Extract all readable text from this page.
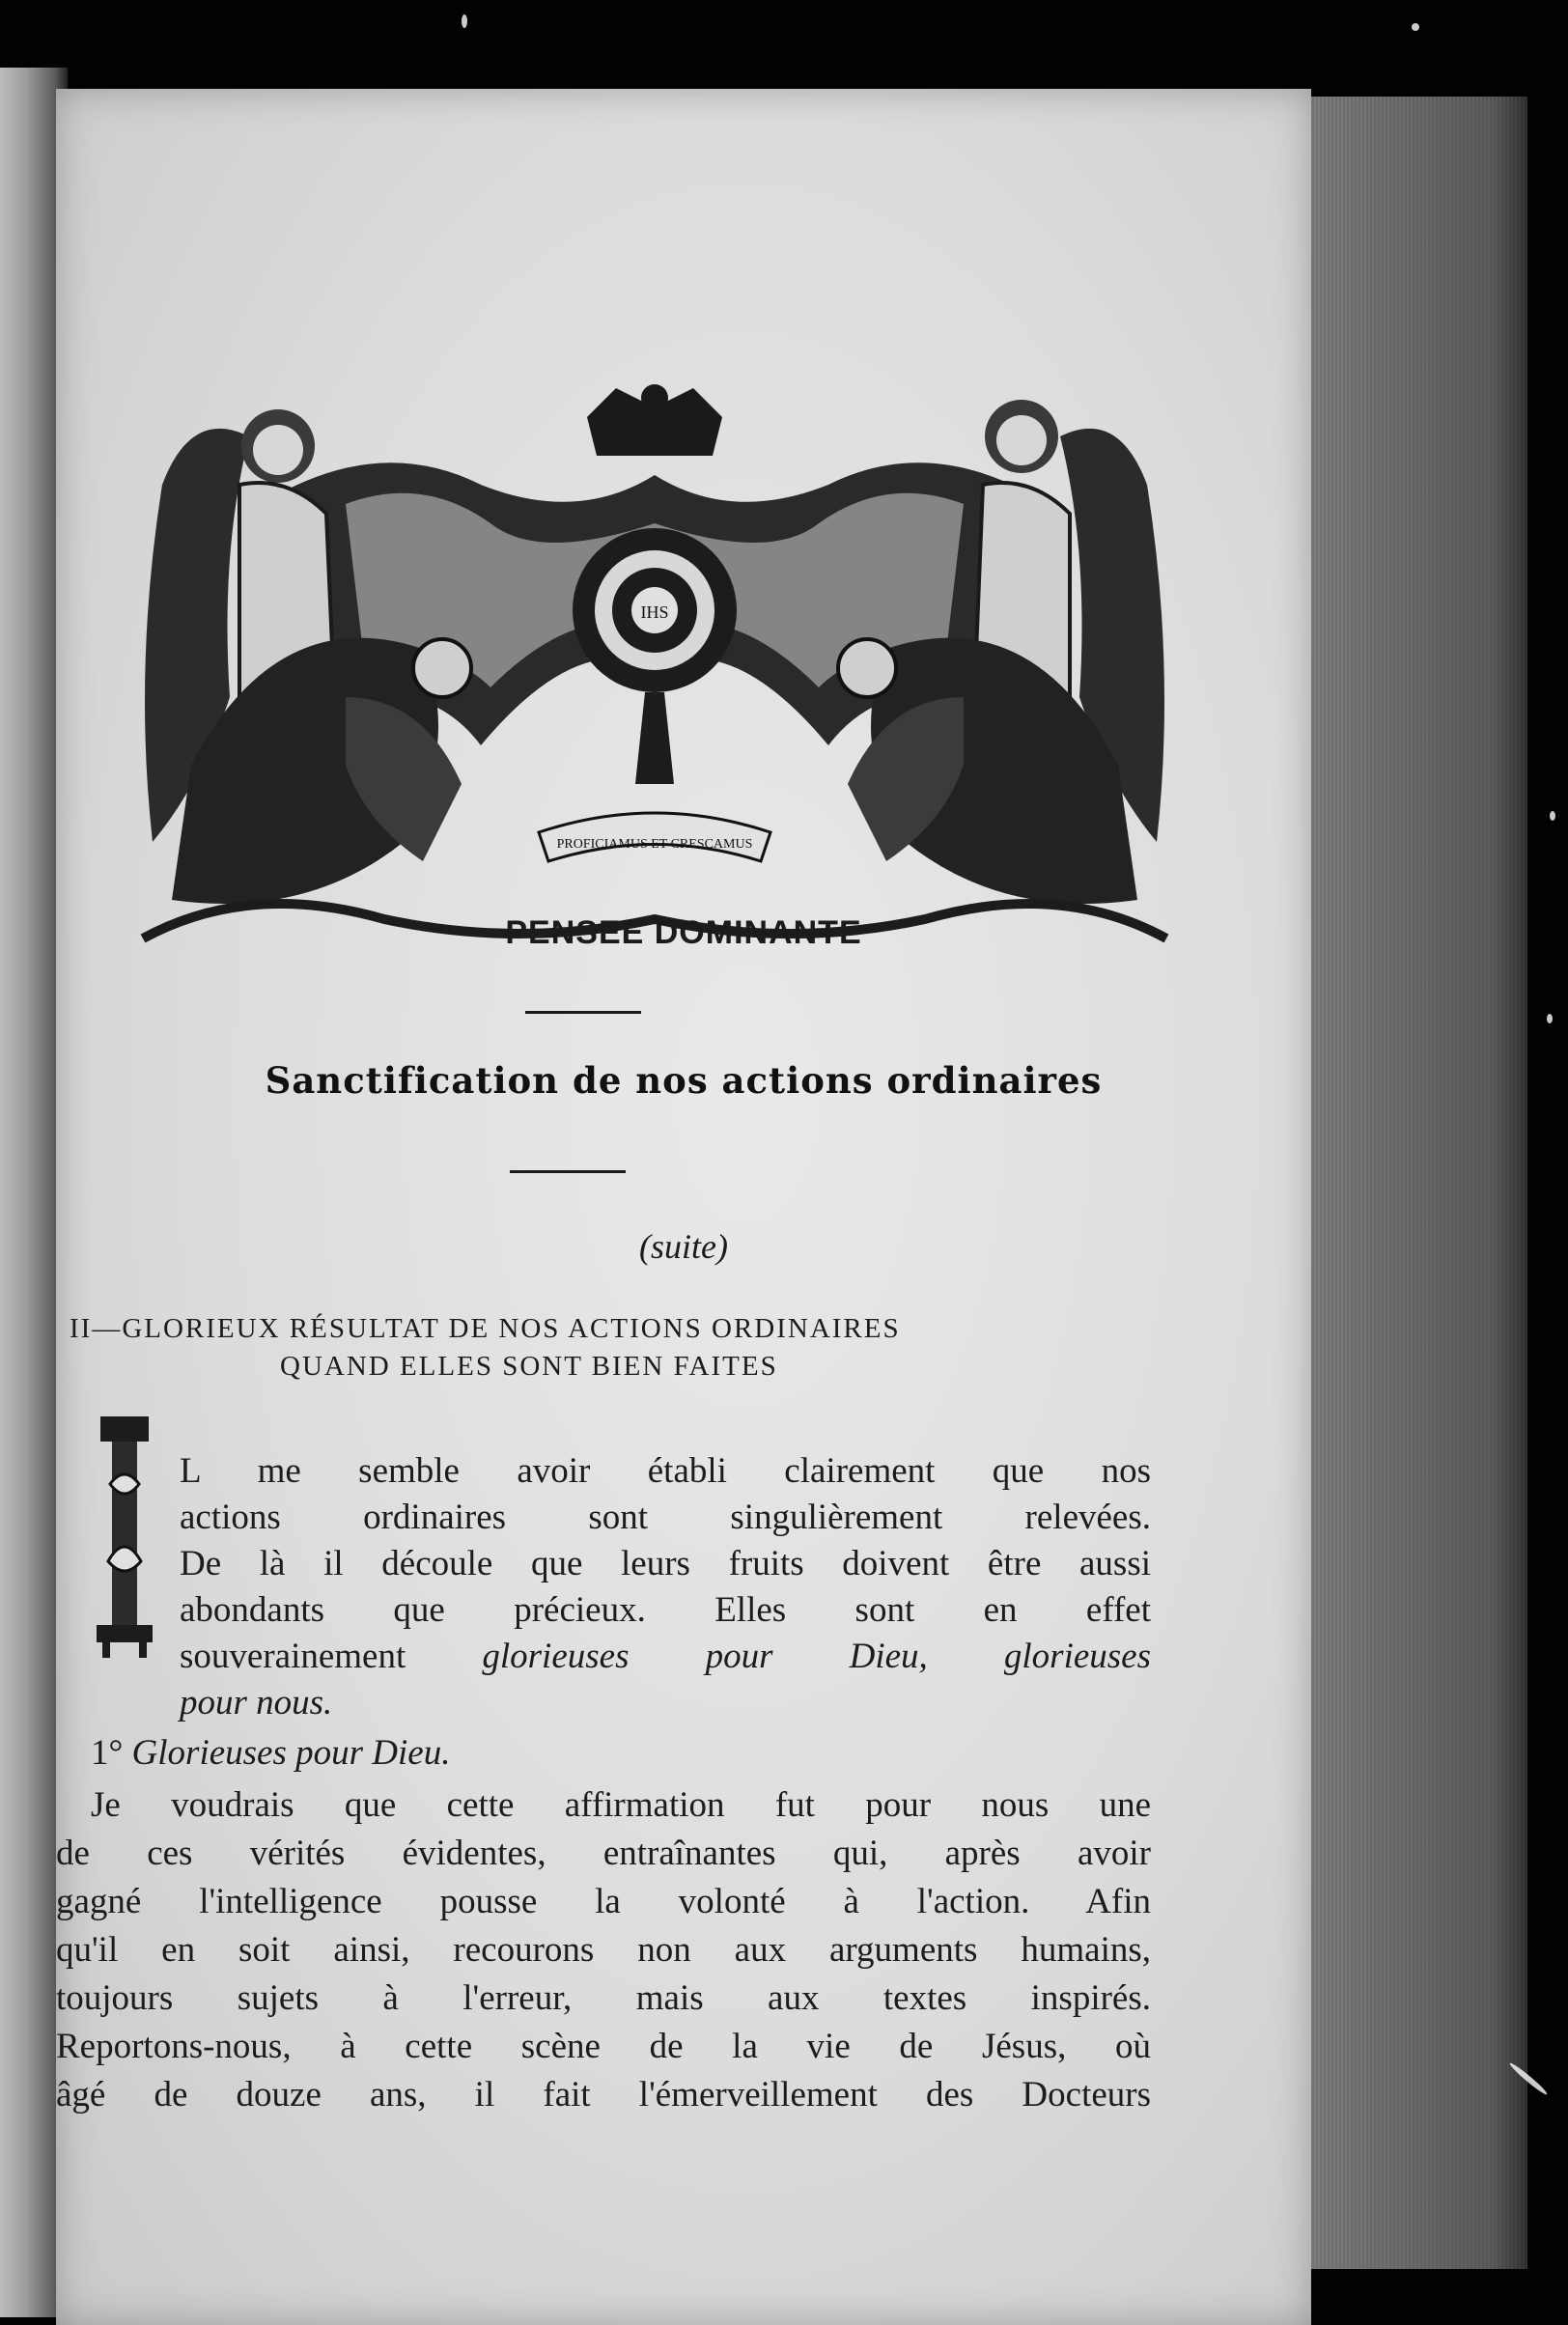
IHS
PROFICIAMUS ET CRESCAMUS
PENSEE DOMINANTE
Sanctification de nos actions ordinaires
(suite)
II—GLORIEUX RÉSULTAT DE NOS ACTIONS ORDINAIRES
QUAND ELLES SONT BIEN FAITES
L me semble avoir établi clairement que nos
actions ordinaires sont singulièrement relevées.
De là il découle que leurs fruits doivent être aussi
abondants que précieux. Elles sont en effet
souverainement glorieuses pour Dieu, glorieuses
pour nous.
1° Glorieuses pour Dieu.
Je voudrais que cette affirmation fut pour nous une
de ces vérités évidentes, entraînantes qui, après avoir
gagné l'intelligence pousse la volonté à l'action. Afin
qu'il en soit ainsi, recourons non aux arguments humains,
toujours sujets à l'erreur, mais aux textes inspirés.
Reportons-nous, à cette scène de la vie de Jésus, où
âgé de douze ans, il fait l'émerveillement des Docteurs
